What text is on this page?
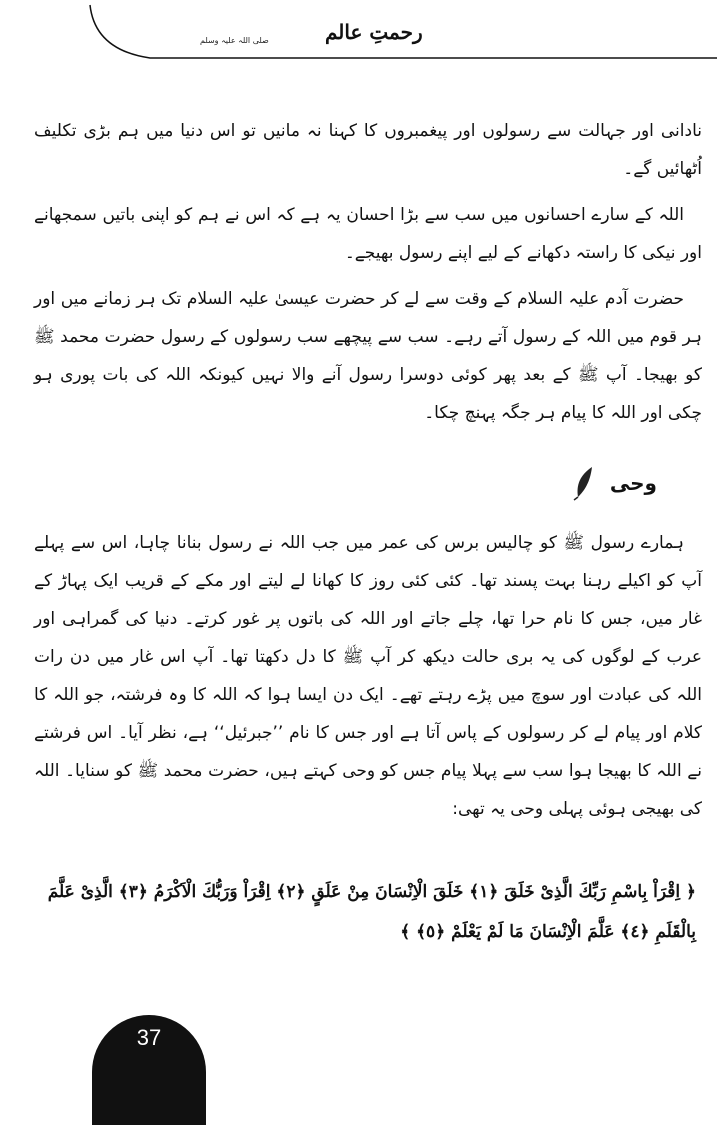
رحمتِ عالم
صلی اللہ علیہ وسلم

نادانی اور جہالت سے رسولوں اور پیغمبروں کا کہنا نہ مانیں تو اس دنیا میں ہم بڑی تکلیف اُٹھائیں گے۔

اللہ کے سارے احسانوں میں سب سے بڑا احسان یہ ہے کہ اس نے ہم کو اپنی باتیں سمجھانے اور نیکی کا راستہ دکھانے کے لیے اپنے رسول بھیجے۔

حضرت آدم علیہ السلام کے وقت سے لے کر حضرت عیسیٰ علیہ السلام تک ہر زمانے میں اور ہر قوم میں اللہ کے رسول آتے رہے۔ سب سے پیچھے سب رسولوں کے رسول حضرت محمد ﷺ کو بھیجا۔ آپ ﷺ کے بعد پھر کوئی دوسرا رسول آنے والا نہیں کیونکہ اللہ کی بات پوری ہو چکی اور اللہ کا پیام ہر جگہ پہنچ چکا۔

وحی

ہمارے رسول ﷺ کو چالیس برس کی عمر میں جب اللہ نے رسول بنانا چاہا، اس سے پہلے آپ کو اکیلے رہنا بہت پسند تھا۔ کئی کئی روز کا کھانا لے لیتے اور مکے کے قریب ایک پہاڑ کے غار میں، جس کا نام حرا تھا، چلے جاتے اور اللہ کی باتوں پر غور کرتے۔ دنیا کی گمراہی اور عرب کے لوگوں کی یہ بری حالت دیکھ کر آپ ﷺ کا دل دکھتا تھا۔ آپ اس غار میں دن رات اللہ کی عبادت اور سوچ میں پڑے رہتے تھے۔ ایک دن ایسا ہوا کہ اللہ کا وہ فرشتہ، جو اللہ کا کلام اور پیام لے کر رسولوں کے پاس آتا ہے اور جس کا نام ’’جبرئیل‘‘ ہے، نظر آیا۔ اس فرشتے نے اللہ کا بھیجا ہوا سب سے پہلا پیام جس کو وحی کہتے ہیں، حضرت محمد ﷺ کو سنایا۔ اللہ کی بھیجی ہوئی پہلی وحی یہ تھی:

﴿ اِقْرَاْ بِاسْمِ رَبِّكَ الَّذِیْ خَلَقَ ﴿١﴾ خَلَقَ الْاِنْسَانَ مِنْ عَلَقٍ ﴿٢﴾ اِقْرَاْ وَرَبُّكَ الْاَكْرَمُ ﴿٣﴾ الَّذِیْ عَلَّمَ بِالْقَلَمِ ﴿٤﴾ عَلَّمَ الْاِنْسَانَ مَا لَمْ یَعْلَمْ ﴿٥﴾ ﴾
37
